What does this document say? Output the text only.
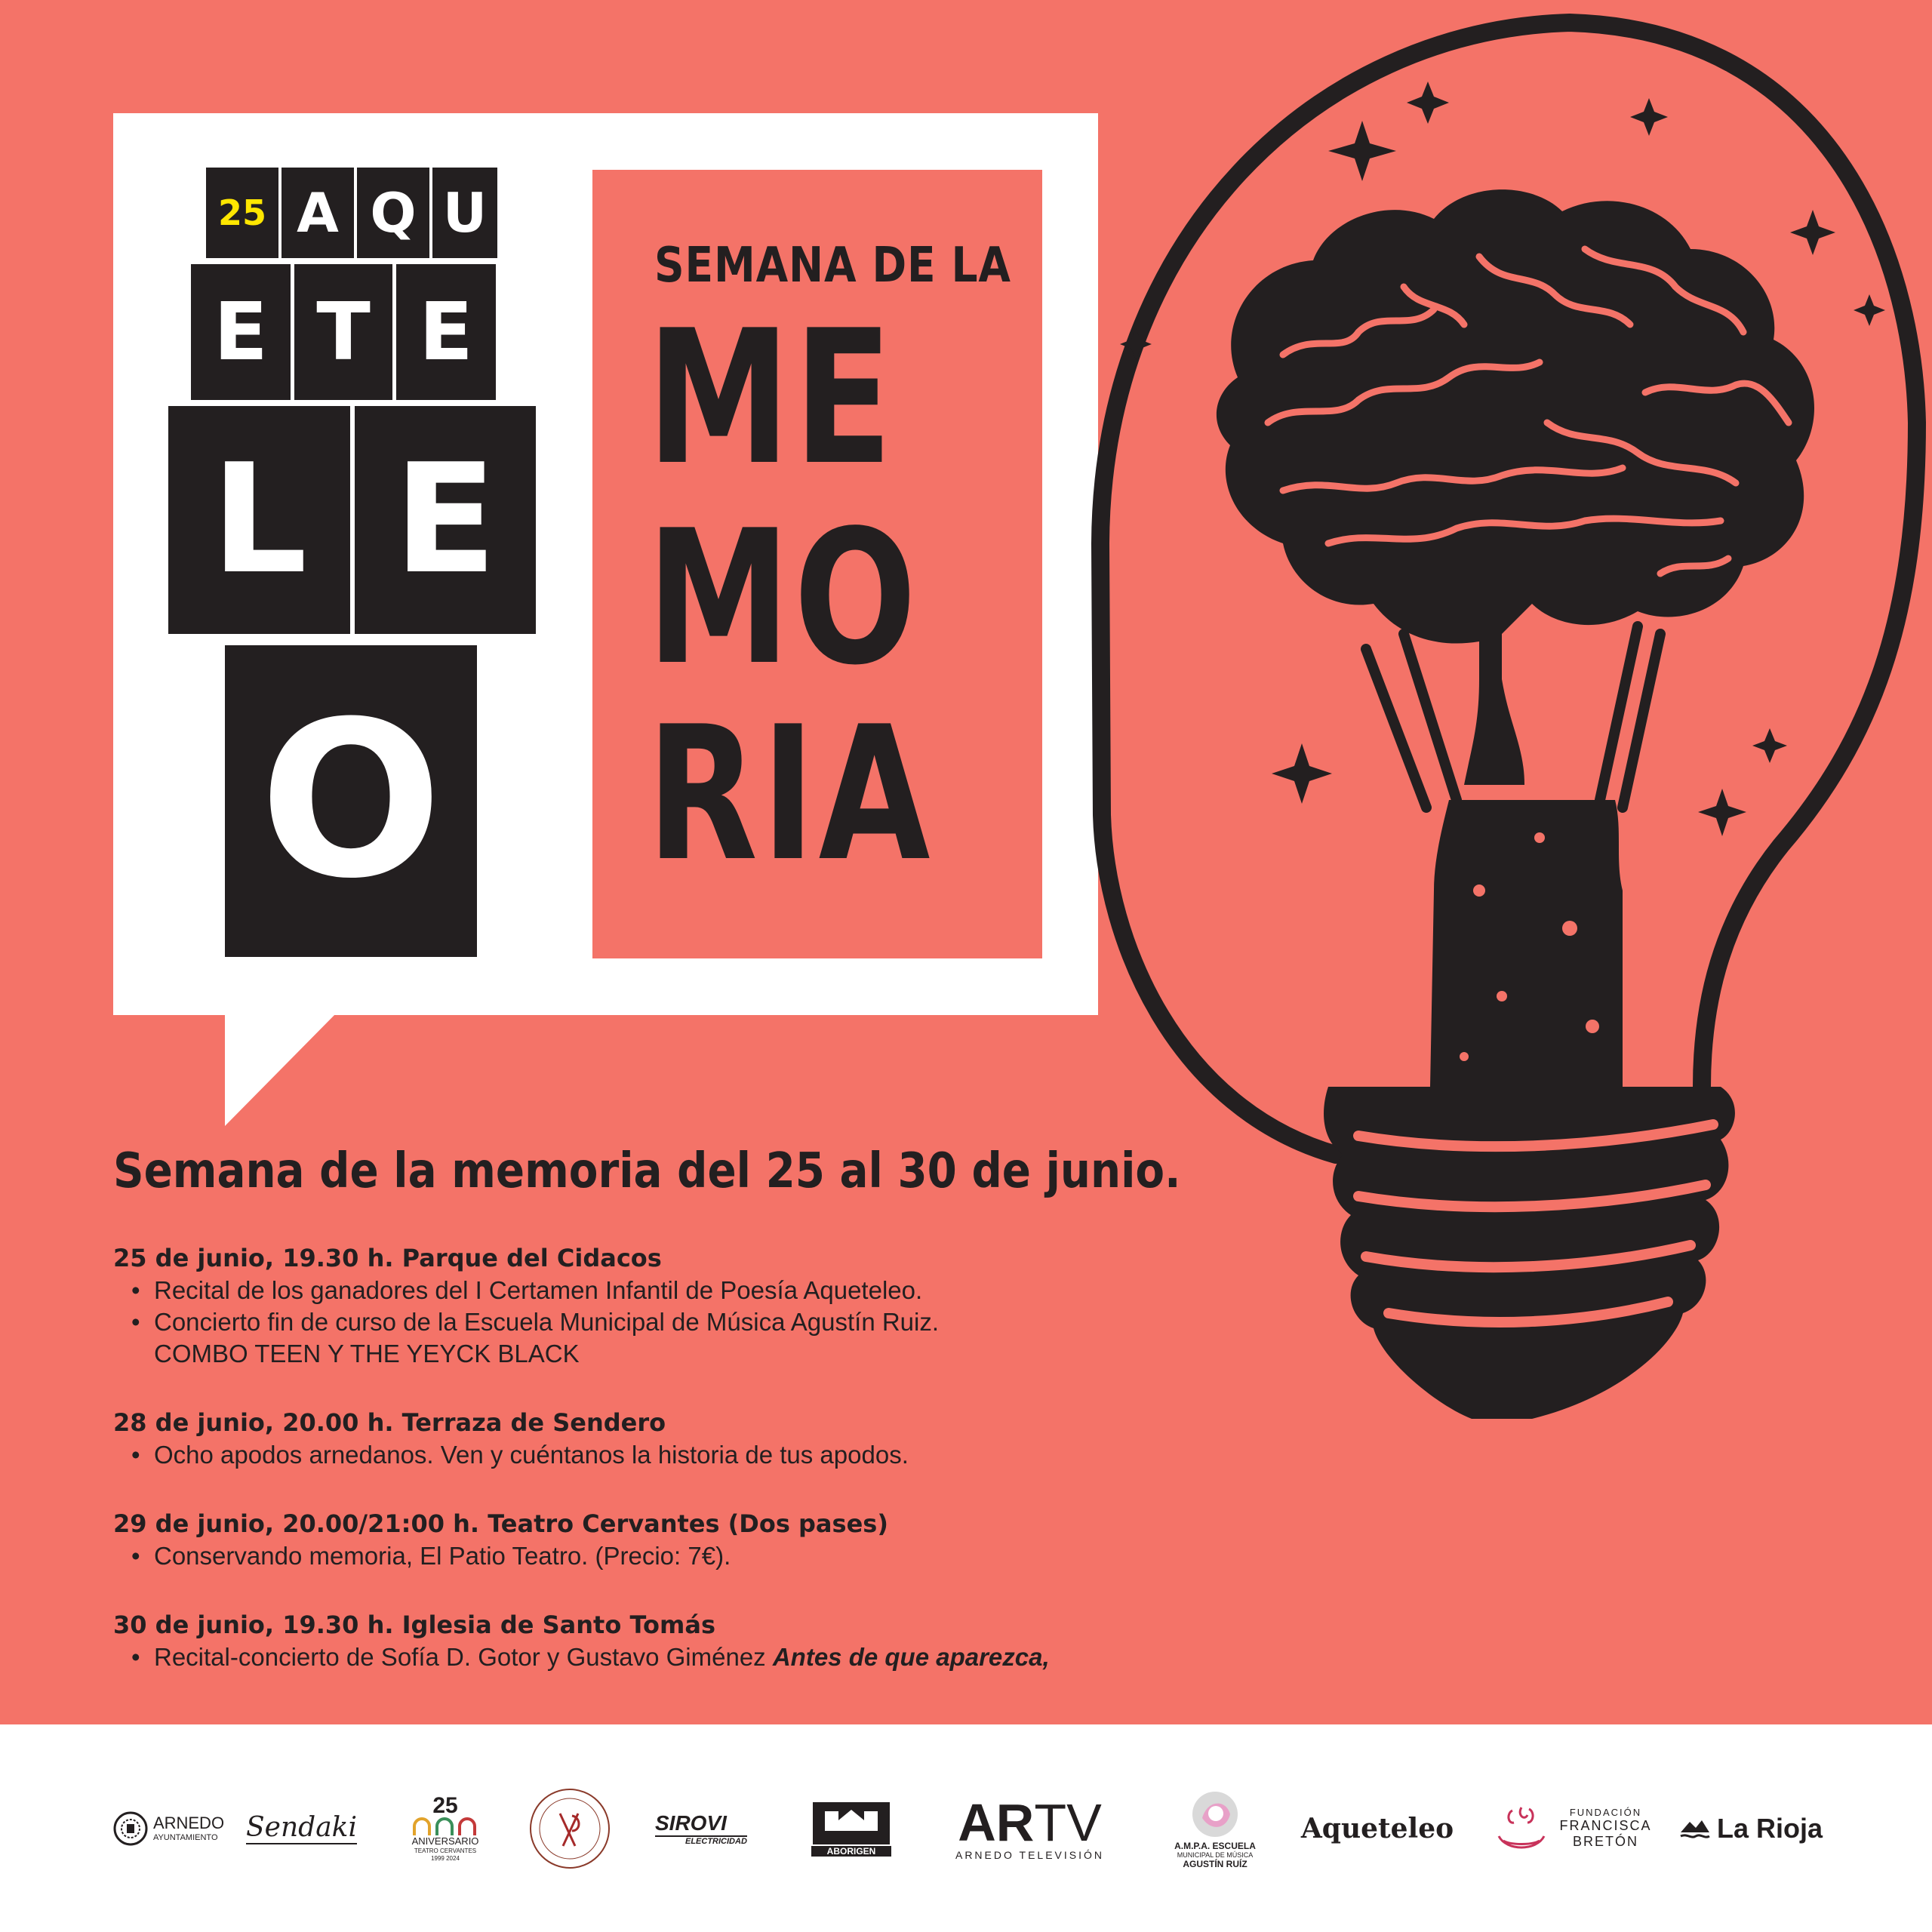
25 A Q U
E T E
L E
O
SEMANA DE LA
ME
MO
RIA
Semana de la memoria del 25 al 30 de junio.
25 de junio, 19.30 h. Parque del Cidacos
• Recital de los ganadores del I Certamen Infantil de Poesía Aqueteleo.
• Concierto fin de curso de la Escuela Municipal de Música Agustín Ruiz.
COMBO TEEN Y THE YEYCK BLACK
28 de junio, 20.00 h. Terraza de Sendero
• Ocho apodos arnedanos. Ven y cuéntanos la historia de tus apodos.
29 de junio, 20.00/21:00 h. Teatro Cervantes (Dos pases)
• Conservando memoria, El Patio Teatro. (Precio: 7€).
30 de junio, 19.30 h. Iglesia de Santo Tomás
• Recital-concierto de Sofía D. Gotor y Gustavo Giménez Antes de que aparezca,
ARNEDO
AYUNTAMIENTO Sendaki
25
ANIVERSARIO
TEATRO CERVANTES
1999 2024
SIROVI
ELECTRICIDAD
ABORIGEN ARTV
ARNEDO TELEVISIÓN
A.M.P.A. ESCUELA
MUNICIPAL DE MÚSICA
AGUSTÍN RUÍZ
Aqueteleo	FUNDACIÓN
FRANCISCA
BRETÓN	La Rioja
